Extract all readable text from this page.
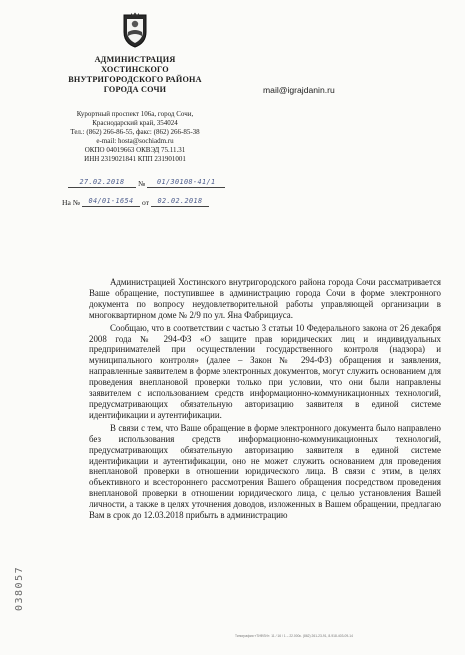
АДМИНИСТРАЦИЯ
ХОСТИНСКОГО
ВНУТРИГОРОДСКОГО РАЙОНА
ГОРОДА СОЧИ
Курортный проспект 106а, город Сочи,
Краснодарский край, 354024
Тел.: (862) 266-86-55, факс: (862) 266-85-38
e-mail: hosta@sochiadm.ru
ОКПО 04019663 ОКВЭД 75.11.31
ИНН 2319021841 КПП 231901001
mail@igrajdanin.ru
27.02.2018	№	01/30108-41/1
На №	04/01-1654	от	02.02.2018

Администрацией Хостинского внутригородского района города Сочи рассматривается Ваше обращение, поступившее в администрацию города Сочи в форме электронного документа по вопросу неудовлетворительной работы управляющей организации в многоквартирном доме № 2/9 по ул. Яна Фабрициуса.

Сообщаю, что в соответствии с частью 3 статьи 10 Федерального закона от 26 декабря 2008 года № 294-ФЗ «О защите прав юридических лиц и индивидуальных предпринимателей при осуществлении государственного контроля (надзора) и муниципального контроля» (далее – Закон № 294-ФЗ) обращения и заявления, направленные заявителем в форме электронных документов, могут служить основанием для проведения внеплановой проверки только при условии, что они были направлены заявителем с использованием средств информационно-коммуникационных технологий, предусматривающих обязательную авторизацию заявителя в единой системе идентификации и аутентификации.

В связи с тем, что Ваше обращение в форме электронного документа было направлено без использования средств информационно-коммуникационных технологий, предусматривающих обязательную авторизацию заявителя в единой системе идентификации и аутентификации, оно не может служить основанием для проведения внеплановой проверки в отношении юридического лица. В связи с этим, в целях объективного и всестороннего рассмотрения Вашего обращения посредством проведения внеплановой проверки в отношении юридического лица, с целью установления Вашей личности, а также в целях уточнения доводов, изложенных в Вашем обращении, предлагаю Вам в срок до 12.03.2018 прибыть в администрацию

038057
Типография «ТИФЛИ». 11 / 16 / 1 – 22.000с. (862) 261-23-91, 8-918-403-09-14
